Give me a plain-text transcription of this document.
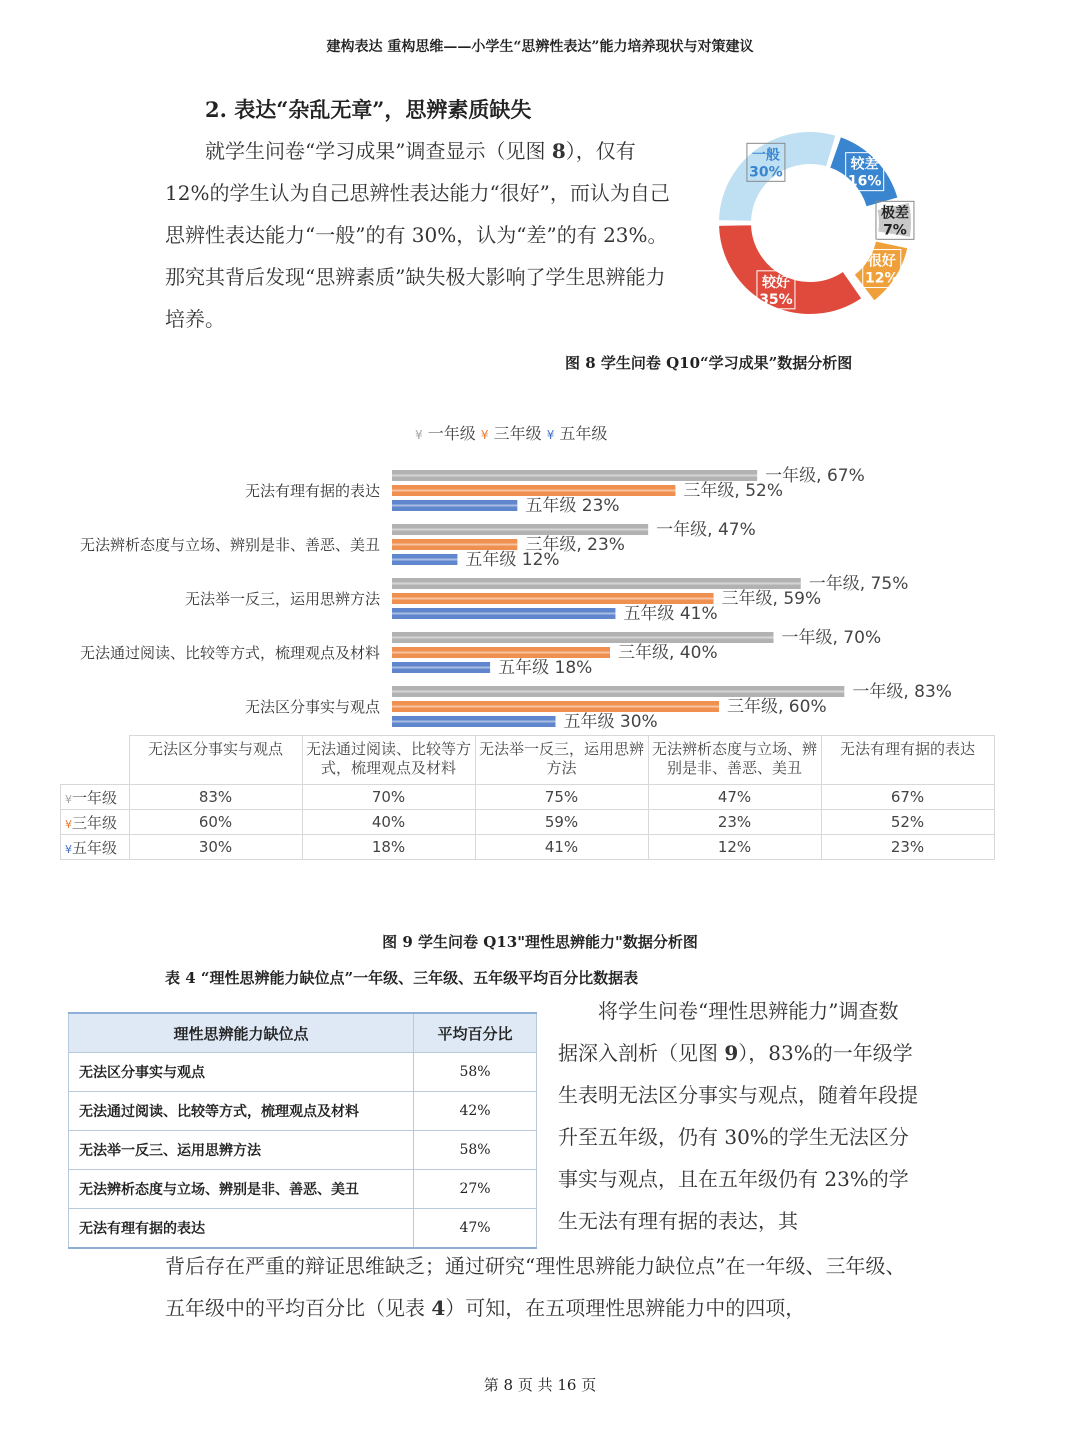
建构表达 重构思维——小学生“思辨性表达”能力培养现状与对策建议
2. 表达“杂乱无章”，思辨素质缺失
就学生问卷“学习成果”调查显示（见图 8），仅有 12%的学生认为自己思辨性表达能力“很好”，而认为自己思辨性表达能力“一般”的有 30%，认为“差”的有 23%。那究其背后发现“思辨素质”缺失极大影响了学生思辨能力培养。
较差
16%
极差
7%
很好
12%
较好
35%
一般
30%
图 8 学生问卷 Q10“学习成果”数据分析图
¥ 一年级 ¥ 三年级 ¥ 五年级
无法有理有据的表达
一年级, 67%
三年级, 52%
五年级 23%
无法辨析态度与立场、辨别是非、善恶、美丑
一年级, 47%
三年级, 23%
五年级 12%
无法举一反三，运用思辨方法
一年级, 75%
三年级, 59%
五年级 41%
无法通过阅读、比较等方式，梳理观点及材料
一年级, 70%
三年级, 40%
五年级 18%
无法区分事实与观点
一年级, 83%
三年级, 60%
五年级 30%
	无法区分事实与观点	无法通过阅读、比较等方式，梳理观点及材料	无法举一反三，运用思辨方法	无法辨析态度与立场、辨别是非、善恶、美丑	无法有理有据的表达
¥一年级	83%	70%	75%	47%	67%
¥三年级	60%	40%	59%	23%	52%
¥五年级	30%	18%	41%	12%	23%
图 9 学生问卷 Q13"理性思辨能力"数据分析图
表 4 “理性思辨能力缺位点”一年级、三年级、五年级平均百分比数据表
理性思辨能力缺位点	平均百分比
无法区分事实与观点	58%
无法通过阅读、比较等方式，梳理观点及材料	42%
无法举一反三、运用思辨方法	58%
无法辨析态度与立场、辨别是非、善恶、美丑	27%
无法有理有据的表达	47%
将学生问卷“理性思辨能力”调查数据深入剖析（见图 9），83%的一年级学生表明无法区分事实与观点，随着年段提升至五年级，仍有 30%的学生无法区分事实与观点，且在五年级仍有 23%的学生无法有理有据的表达，其
背后存在严重的辩证思维缺乏；通过研究“理性思辨能力缺位点”在一年级、三年级、五年级中的平均百分比（见表 4）可知，在五项理性思辨能力中的四项，
第 8 页 共 16 页
